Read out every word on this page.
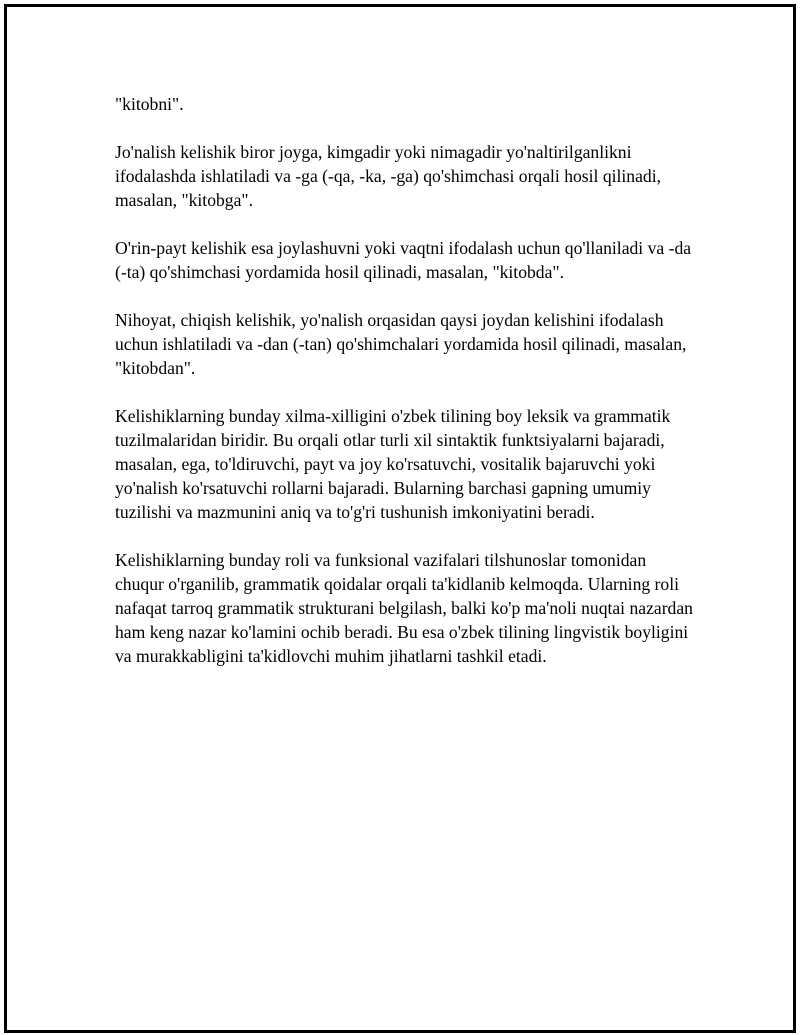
"kitobni".

Jo'nalish kelishik biror joyga, kimgadir yoki nimagadir yo'naltirilganlikni ifodalashda ishlatiladi va -ga (-qa, -ka, -ga) qo'shimchasi orqali hosil qilinadi, masalan, "kitobga".

O'rin-payt kelishik esa joylashuvni yoki vaqtni ifodalash uchun qo'llaniladi va -da (-ta) qo'shimchasi yordamida hosil qilinadi, masalan, "kitobda".

Nihoyat, chiqish kelishik, yo'nalish orqasidan qaysi joydan kelishini ifodalash uchun ishlatiladi va -dan (-tan) qo'shimchalari yordamida hosil qilinadi, masalan, "kitobdan".

Kelishiklarning bunday xilma-xilligini o'zbek tilining boy leksik va grammatik tuzilmalaridan biridir. Bu orqali otlar turli xil sintaktik funktsiyalarni bajaradi, masalan, ega, to'ldiruvchi, payt va joy ko'rsatuvchi, vositalik bajaruvchi yoki yo'nalish ko'rsatuvchi rollarni bajaradi. Bularning barchasi gapning umumiy tuzilishi va mazmunini aniq va to'g'ri tushunish imkoniyatini beradi.

Kelishiklarning bunday roli va funksional vazifalari tilshunoslar tomonidan chuqur o'rganilib, grammatik qoidalar orqali ta'kidlanib kelmoqda. Ularning roli nafaqat tarroq grammatik strukturani belgilash, balki ko'p ma'noli nuqtai nazardan ham keng nazar ko'lamini ochib beradi. Bu esa o'zbek tilining lingvistik boyligini va murakkabligini ta'kidlovchi muhim jihatlarni tashkil etadi.
